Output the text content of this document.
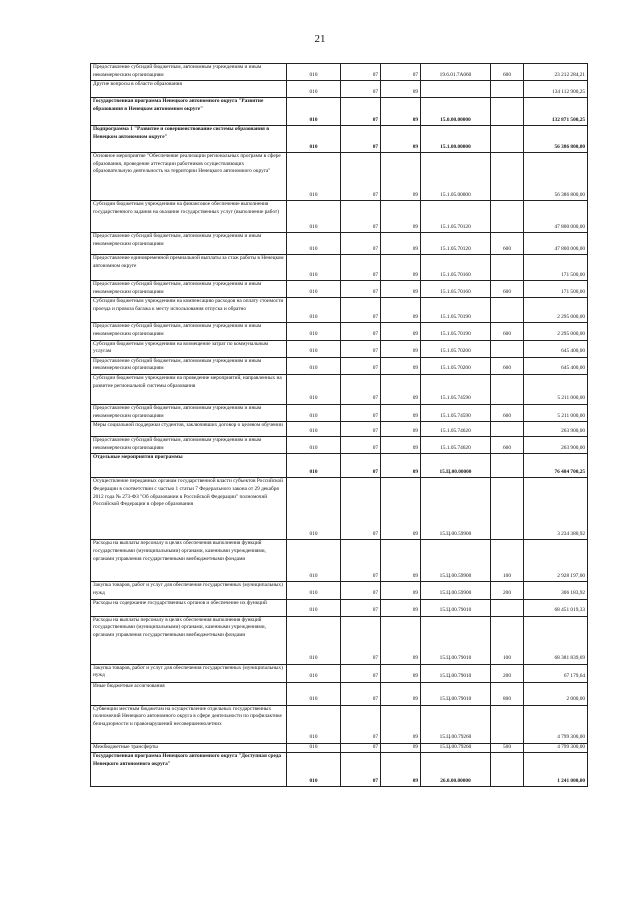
21
Предоставление субсидий бюджетным, автономным учреждениям и иным некоммерческим организациям	010	07	07	19.6.01.7А060	600	23 212 284,21
Другие вопросы в области образования	010	07	09			134 112 900,25
Государственная программа Ненецкого автономного округа "Развитие образования в Ненецком автономном округе"	010	07	09	15.0.00.00000		132 871 500,25
Подпрограмма 1 "Развитие и совершенствование системы образования в Ненецком автономном округе"	010	07	09	15.1.00.00000		56 386 800,00
Основное мероприятие "Обеспечение реализации региональных программ в сфере образования, проведение аттестации работников осуществляющих образовательную деятельность на территории Ненецкого автономного округа"	010	07	09	15.1.05.00000		56 386 800,00
Субсидии бюджетным учреждениям на финансовое обеспечение выполнения государственного задания на оказание государственных услуг (выполнение работ)	010	07	09	15.1.05.70120		47 800 000,00
Предоставление субсидий бюджетным, автономным учреждениям и иным некоммерческим организациям	010	07	09	15.1.05.70120	600	47 800 000,00
Предоставление единовременной премиальной выплаты за стаж работы в Ненецком автономном округе	010	07	09	15.1.05.70160		171 500,00
Предоставление субсидий бюджетным, автономным учреждениям и иным некоммерческим организациям	010	07	09	15.1.05.70160	600	171 500,00
Субсидии бюджетным учреждениям на компенсацию расходов на оплату стоимости проезда и провоза багажа к месту использования отпуска и обратно	010	07	09	15.1.05.70190		2 295 000,00
Предоставление субсидий бюджетным, автономным учреждениям и иным некоммерческим организациям	010	07	09	15.1.05.70190	600	2 295 000,00
Субсидии бюджетным учреждениям на возмещение затрат по коммунальным услугам	010	07	09	15.1.05.70200		645 400,00
Предоставление субсидий бюджетным, автономным учреждениям и иным некоммерческим организациям	010	07	09	15.1.05.70200	600	645 400,00
Субсидии бюджетным учреждениям на проведение мероприятий, направленных на развитие региональной системы образования	010	07	09	15.1.05.74590		5 211 000,00
Предоставление субсидий бюджетным, автономным учреждениям и иным некоммерческим организациям	010	07	09	15.1.05.74590	600	5 211 000,00
Меры социальной поддержки студентов, заключивших договор о целевом обучении	010	07	09	15.1.05.74620		263 900,00
Предоставление субсидий бюджетным, автономным учреждениям и иным некоммерческим организациям	010	07	09	15.1.05.74620	600	263 900,00
Отдельные мероприятия программы	010	07	09	15.Ц.00.00000		76 484 700,25
Осуществление переданных органам государственной власти субъектов Российской Федерации в соответствии с частью 1 статьи 7 Федерального закона от 29 декабря 2012 года № 273-ФЗ "Об образовании в Российской Федерации" полномочий Российской Федерации в сфере образования	010	07	09	15.Ц.00.59900		3 234 380,92
Расходы на выплаты персоналу в целях обеспечения выполнения функций государственными (муниципальными) органами, казенными учреждениями, органами управления государственными внебюджетными фондами	010	07	09	15.Ц.00.59900	100	2 928 197,00
Закупка товаров, работ и услуг для обеспечения государственных (муниципальных) нужд	010	07	09	15.Ц.00.59900	200	306 183,92
Расходы на содержание государственных органов и обеспечение их функций	010	07	09	15.Ц.00.79010		68 451 019,33
Расходы на выплаты персоналу в целях обеспечения выполнения функций государственными (муниципальными) органами, казенными учреждениями, органами управления государственными внебюджетными фондами	010	07	09	15.Ц.00.79010	100	68 381 839,69
Закупка товаров, работ и услуг для обеспечения государственных (муниципальных) нужд	010	07	09	15.Ц.00.79010	200	67 179,64
Иные бюджетные ассигнования	010	07	09	15.Ц.00.79010	800	2 000,00
Субвенции местным бюджетам на осуществление отдельных государственных полномочий Ненецкого автономного округа в сфере деятельности по профилактике безнадзорности и правонарушений несовершеннолетних	010	07	09	15.Ц.00.79260		4 799 300,00
Межбюджетные трансферты	010	07	09	15.Ц.00.79260	500	4 799 300,00
Государственная программа Ненецкого автономного округа "Доступная среда Ненецкого автономного округа"	010	07	09	26.0.00.00000		1 241 000,00
